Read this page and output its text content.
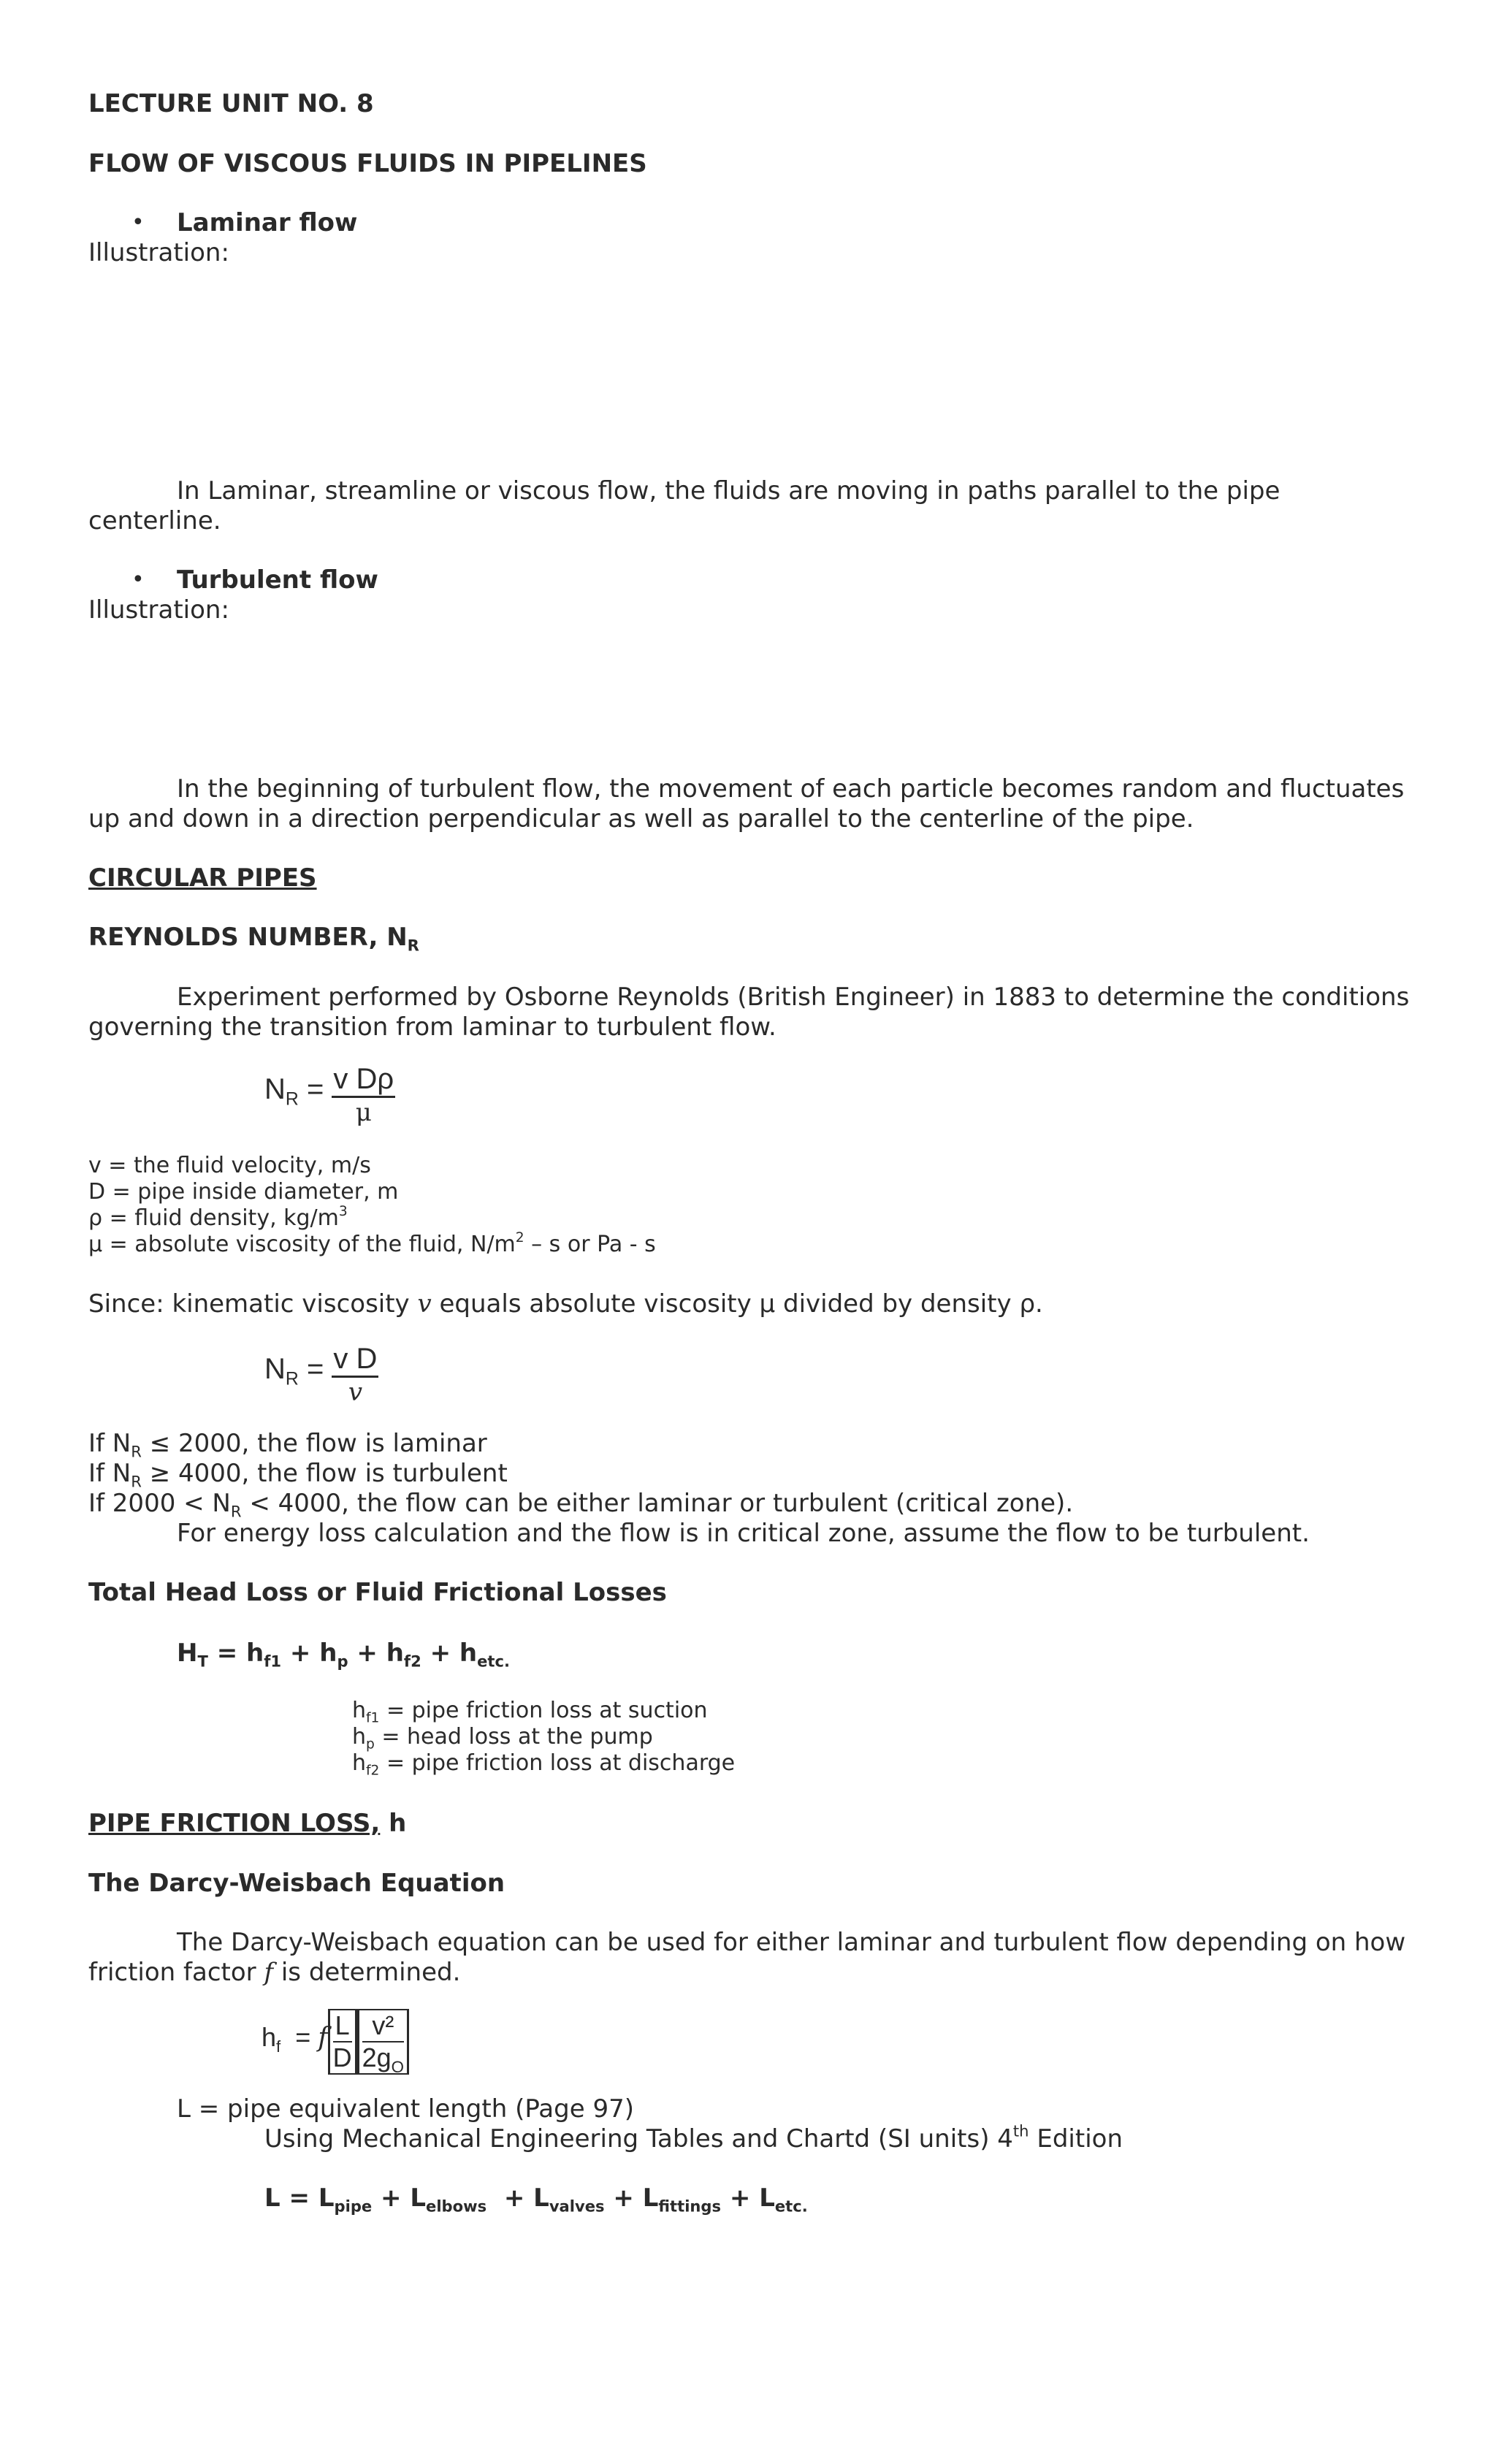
LECTURE UNIT NO. 8
FLOW OF VISCOUS FLUIDS IN PIPELINES
• Laminar flow
Illustration:
In Laminar, streamline or viscous flow, the fluids are moving in paths parallel to the pipe
centerline.
• Turbulent flow
Illustration:
In the beginning of turbulent flow, the movement of each particle becomes random and fluctuates
up and down in a direction perpendicular as well as parallel to the centerline of the pipe.
CIRCULAR PIPES
REYNOLDS NUMBER, $N_R$
Experiment performed by Osborne Reynolds (British Engineer) in 1883 to determine the conditions
governing the transition from laminar to turbulent flow.
$N_R = \frac{\text{v Dρ}}{\mu}$
v = the fluid velocity, m/s
D = pipe inside diameter, m
ρ = fluid density, $kg/m^3$
μ = absolute viscosity of the fluid, $N/m^2$ – s or Pa - s
Since: kinematic viscosity v equals absolute viscosity μ divided by density ρ.
$N_R = \frac{\text{v D}}{v}$
If $N_R \le 2000$, the flow is laminar
If $N_R \ge 4000$, the flow is turbulent
If $2000 < N_R < 4000$, the flow can be either laminar or turbulent (critical zone).
For energy loss calculation and the flow is in critical zone, assume the flow to be turbulent.
Total Head Loss or Fluid Frictional Losses
$H_T = h_{f1} + h_p + h_{f2} + h_{etc.}$
$h_{f1}$ = pipe friction loss at suction
$h_p$ = head loss at the pump
$h_{f2}$ = pipe friction loss at discharge
PIPE FRICTION LOSS, h
The Darcy-Weisbach Equation
The Darcy-Weisbach equation can be used for either laminar and turbulent flow depending on how
friction factor f is determined.
$h_f = f \frac{L}{D} \frac{\text{v²}}{2g_O}$
L = pipe equivalent length (Page 97)
Using Mechanical Engineering Tables and Chartd (SI units) 4th Edition
$L = L_{pipe} + L_{elbows} + L_{valves} + L_{fittings} + L_{etc.}$
